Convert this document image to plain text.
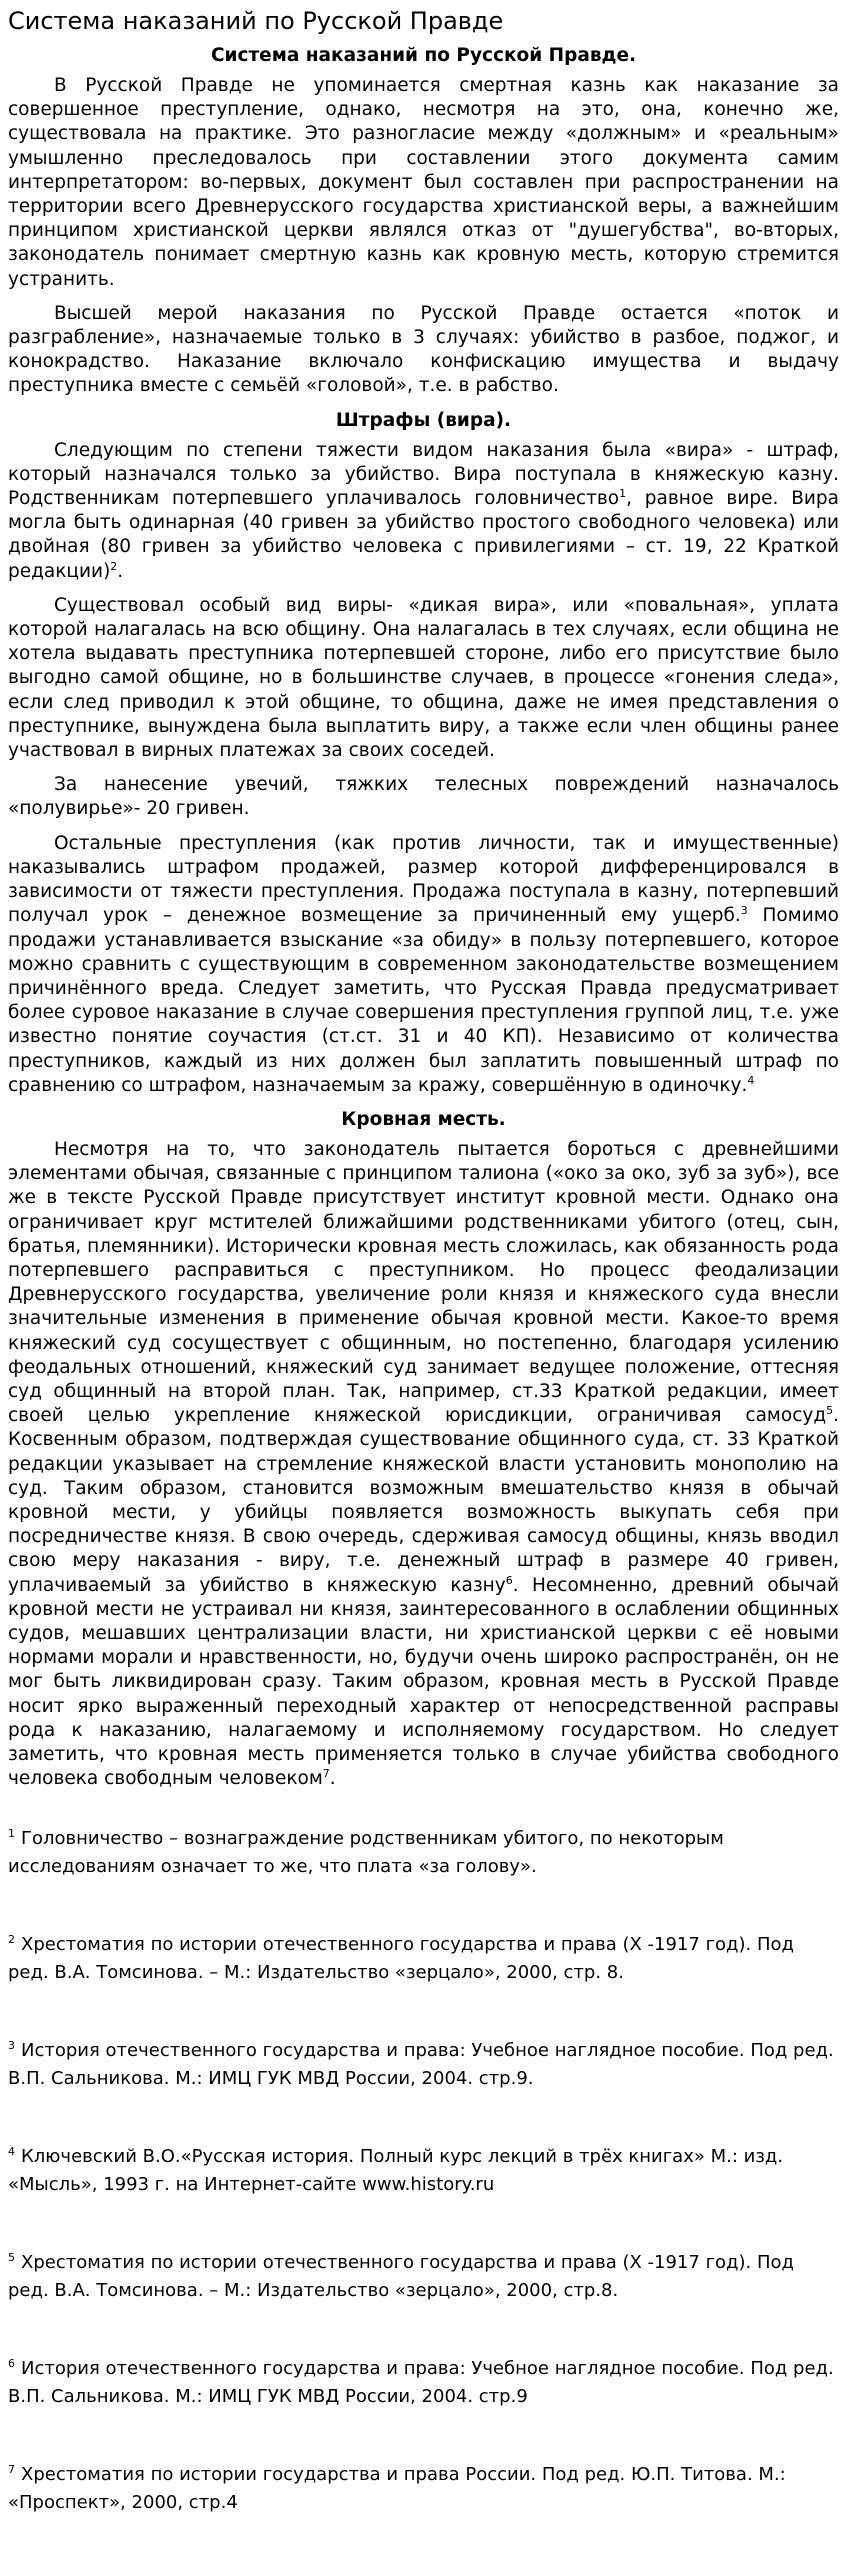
Система наказаний по Русской Правде
Система наказаний по Русской Правде.

В Русской Правде не упоминается смертная казнь как наказание за совершенное преступление, однако, несмотря на это, она, конечно же, существовала на практике. Это разногласие между «должным» и «реальным» умышленно преследовалось при составлении этого документа самим интерпретатором: во-первых, документ был составлен при распространении на территории всего Древнерусского государства христианской веры, а важнейшим принципом христианской церкви являлся отказ от "душегубства", во-вторых, законодатель понимает смертную казнь как кровную месть, которую стремится устранить.

Высшей мерой наказания по Русской Правде остается «поток и разграбление», назначаемые только в 3 случаях: убийство в разбое, поджог, и конокрадство. Наказание включало конфискацию имущества и выдачу преступника вместе с семьёй «головой», т.е. в рабство.

Штрафы (вира).

Следующим по степени тяжести видом наказания была «вира» - штраф, который назначался только за убийство. Вира поступала в княжескую казну. Родственникам потерпевшего уплачивалось головничество$^1$, равное вире. Вира могла быть одинарная (40 гривен за убийство простого свободного человека) или двойная (80 гривен за убийство человека с привилегиями – ст. 19, 22 Краткой редакции)$^2$.

Существовал особый вид виры- «дикая вира», или «повальная», уплата которой налагалась на всю общину. Она налагалась в тех случаях, если община не хотела выдавать преступника потерпевшей стороне, либо его присутствие было выгодно самой общине, но в большинстве случаев, в процессе «гонения следа», если след приводил к этой общине, то община, даже не имея представления о преступнике, вынуждена была выплатить виру, а также если член общины ранее участвовал в вирных платежах за своих соседей.

За нанесение увечий, тяжких телесных повреждений назначалось «полувирье»- 20 гривен.

Остальные преступления (как против личности, так и имущественные) наказывались штрафом продажей, размер которой дифференцировался в зависимости от тяжести преступления. Продажа поступала в казну, потерпевший получал урок – денежное возмещение за причиненный ему ущерб.$^3$ Помимо продажи устанавливается взыскание «за обиду» в пользу потерпевшего, которое можно сравнить с существующим в современном законодательстве возмещением причинённого вреда. Следует заметить, что Русская Правда предусматривает более суровое наказание в случае совершения преступления группой лиц, т.е. уже известно понятие соучастия (ст.ст. 31 и 40 КП). Независимо от количества преступников, каждый из них должен был заплатить повышенный штраф по сравнению со штрафом, назначаемым за кражу, совершённую в одиночку.$^4$

Кровная месть.

Несмотря на то, что законодатель пытается бороться с древнейшими элементами обычая, связанные с принципом талиона («око за око, зуб за зуб»), все же в тексте Русской Правде присутствует институт кровной мести. Однако она ограничивает круг мстителей ближайшими родственниками убитого (отец, сын, братья, племянники). Исторически кровная месть сложилась, как обязанность рода потерпевшего расправиться с преступником. Но процесс феодализации Древнерусского государства, увеличение роли князя и княжеского суда внесли значительные изменения в применение обычая кровной мести. Какое-то время княжеский суд сосуществует с общинным, но постепенно, благодаря усилению феодальных отношений, княжеский суд занимает ведущее положение, оттесняя суд общинный на второй план. Так, например, ст.33 Краткой редакции, имеет своей целью укрепление княжеской юрисдикции, ограничивая самосуд$^5$. Косвенным образом, подтверждая существование общинного суда, ст. 33 Краткой редакции указывает на стремление княжеской власти установить монополию на суд. Таким образом, становится возможным вмешательство князя в обычай кровной мести, у убийцы появляется возможность выкупать себя при посредничестве князя. В свою очередь, сдерживая самосуд общины, князь вводил свою меру наказания - виру, т.е. денежный штраф в размере 40 гривен, уплачиваемый за убийство в княжескую казну$^6$. Несомненно, древний обычай кровной мести не устраивал ни князя, заинтересованного в ослаблении общинных судов, мешавших централизации власти, ни христианской церкви с её новыми нормами морали и нравственности, но, будучи очень широко распространён, он не мог быть ликвидирован сразу. Таким образом, кровная месть в Русской Правде носит ярко выраженный переходный характер от непосредственной расправы рода к наказанию, налагаемому и исполняемому государством. Но следует заметить, что кровная месть применяется только в случае убийства свободного человека свободным человеком$^7$.

$^1$ Головничество – вознаграждение родственникам убитого, по некоторым исследованиям означает то же, что плата «за голову».

$^2$ Хрестоматия по истории отечественного государства и права (X -1917 год). Под ред. В.А. Томсинова. – М.: Издательство «зерцало», 2000, стр. 8.

$^3$ История отечественного государства и права: Учебное наглядное пособие. Под ред. В.П. Сальникова. М.: ИМЦ ГУК МВД России, 2004. стр.9.

$^4$ Ключевский В.О.«Русская история. Полный курс лекций в трёх книгах» М.: изд. «Мысль», 1993 г. на Интернет-сайте www.history.ru

$^5$ Хрестоматия по истории отечественного государства и права (X -1917 год). Под ред. В.А. Томсинова. – М.: Издательство «зерцало», 2000, стр.8.

$^6$ История отечественного государства и права: Учебное наглядное пособие. Под ред. В.П. Сальникова. М.: ИМЦ ГУК МВД России, 2004. стр.9

$^7$ Хрестоматия по истории государства и права России. Под ред. Ю.П. Титова. М.: «Проспект», 2000, стр.4
